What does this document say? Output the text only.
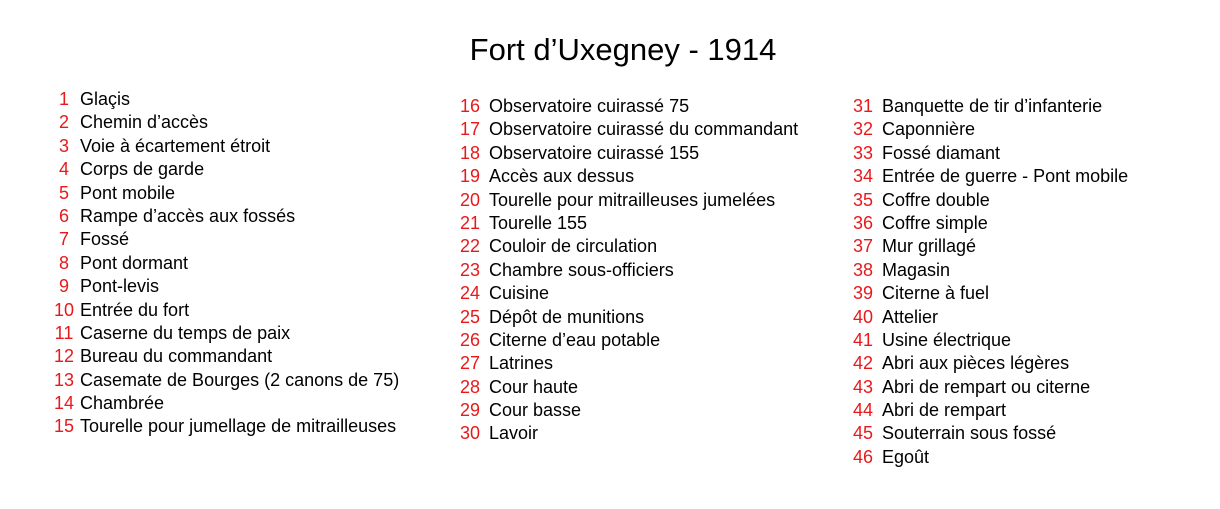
Fort d’Uxegney - 1914
1 Glaçis
2 Chemin d’accès
3 Voie à écartement étroit
4 Corps de garde
5 Pont mobile
6 Rampe d’accès aux fossés
7 Fossé
8 Pont dormant
9 Pont-levis
10 Entrée du fort
11 Caserne du temps de paix
12 Bureau du commandant
13 Casemate de Bourges (2 canons de 75)
14 Chambrée
15 Tourelle pour jumellage de mitrailleuses
16 Observatoire cuirassé 75
17 Observatoire cuirassé du commandant
18 Observatoire cuirassé 155
19 Accès aux dessus
20 Tourelle pour mitrailleuses jumelées
21 Tourelle 155
22 Couloir de circulation
23 Chambre sous-officiers
24 Cuisine
25 Dépôt de munitions
26 Citerne d’eau potable
27 Latrines
28 Cour haute
29 Cour basse
30 Lavoir
31 Banquette de tir d’infanterie
32 Caponnière
33 Fossé diamant
34 Entrée de guerre - Pont mobile
35 Coffre double
36 Coffre simple
37 Mur grillagé
38 Magasin
39 Citerne à fuel
40 Attelier
41 Usine électrique
42 Abri aux pièces légères
43 Abri de rempart ou citerne
44 Abri de rempart
45 Souterrain sous fossé
46 Egoût
